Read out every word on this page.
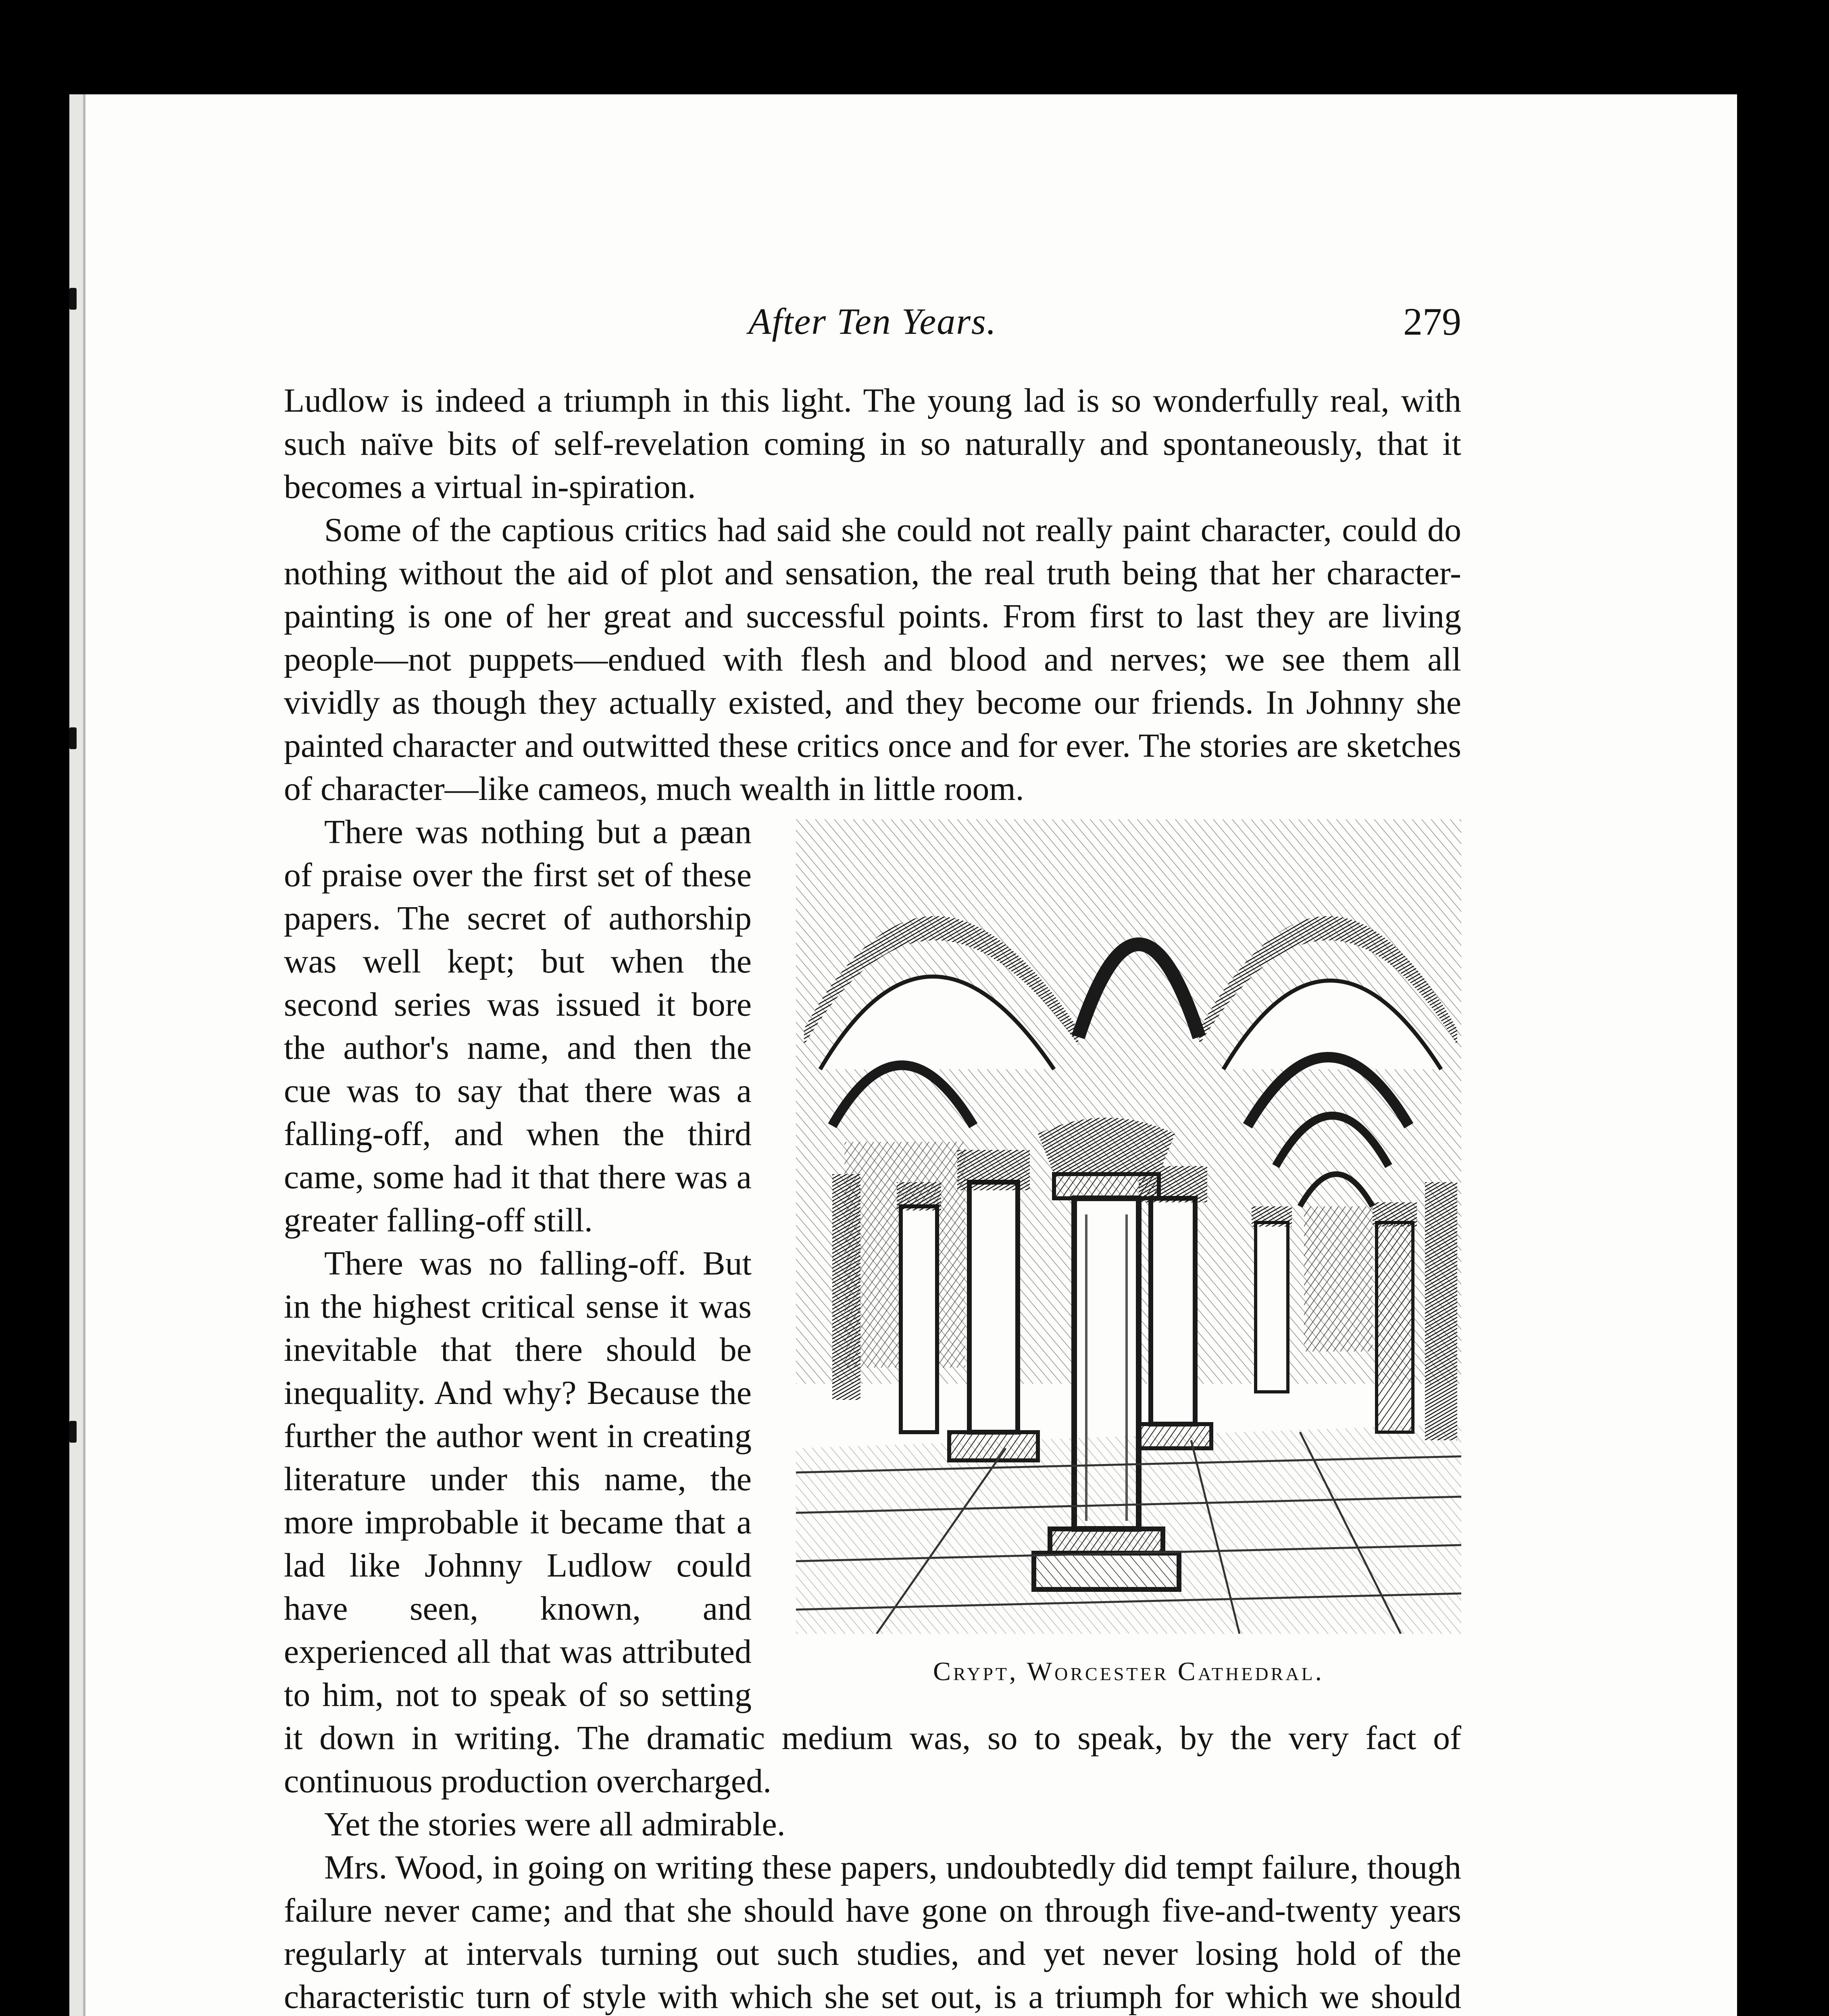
After Ten Years.	279

Ludlow is indeed a triumph in this light. The young lad is so wonderfully real, with such naïve bits of self-revelation coming in so naturally and spontaneously, that it becomes a virtual in-spiration.

Some of the captious critics had said she could not really paint character, could do nothing without the aid of plot and sensation, the real truth being that her character-painting is one of her great and successful points. From first to last they are living people—not puppets—endued with flesh and blood and nerves; we see them all vividly as though they actually existed, and they become our friends. In Johnny she painted character and outwitted these critics once and for ever. The stories are sketches of character—like cameos, much wealth in little room.

Crypt, Worcester Cathedral.

There was nothing but a pæan of praise over the first set of these papers. The secret of authorship was well kept; but when the second series was issued it bore the author's name, and then the cue was to say that there was a falling-off, and when the third came, some had it that there was a greater falling-off still.

There was no falling-off. But in the highest critical sense it was inevitable that there should be inequality. And why? Because the further the author went in creating literature under this name, the more improbable it became that a lad like Johnny Ludlow could have seen, known, and experienced all that was attributed to him, not to speak of so setting it down in writing. The dramatic medium was, so to speak, by the very fact of continuous production overcharged.

Yet the stories were all admirable.

Mrs. Wood, in going on writing these papers, undoubtedly did tempt failure, though failure never came; and that she should have gone on through five-and-twenty years regularly at intervals turning out such studies, and yet never losing hold of the characteristic turn of style with which she set out, is a triumph for which we should
